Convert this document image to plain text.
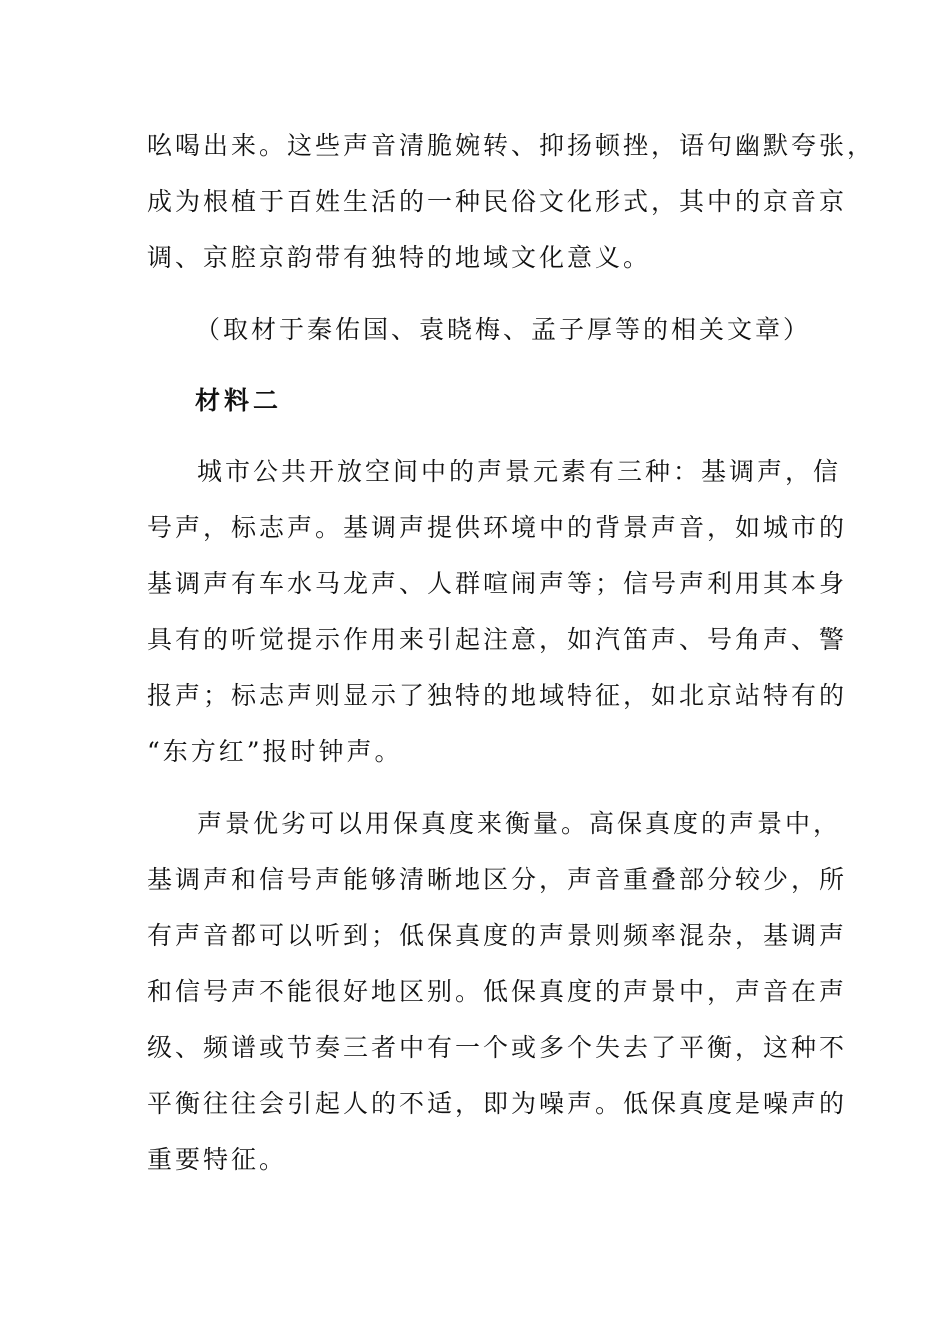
吆喝出来。这些声音清脆婉转、抑扬顿挫，语句幽默夸张，
成为根植于百姓生活的一种民俗文化形式，其中的京音京
调、京腔京韵带有独特的地域文化意义。
（取材于秦佑国、袁晓梅、孟子厚等的相关文章）
材料二
城市公共开放空间中的声景元素有三种：基调声，信
号声，标志声。基调声提供环境中的背景声音，如城市的
基调声有车水马龙声、人群喧闹声等；信号声利用其本身
具有的听觉提示作用来引起注意，如汽笛声、号角声、警
报声；标志声则显示了独特的地域特征，如北京站特有的
“东方红”报时钟声。
声景优劣可以用保真度来衡量。高保真度的声景中，
基调声和信号声能够清晰地区分，声音重叠部分较少，所
有声音都可以听到；低保真度的声景则频率混杂，基调声
和信号声不能很好地区别。低保真度的声景中，声音在声
级、频谱或节奏三者中有一个或多个失去了平衡，这种不
平衡往往会引起人的不适，即为噪声。低保真度是噪声的
重要特征。
